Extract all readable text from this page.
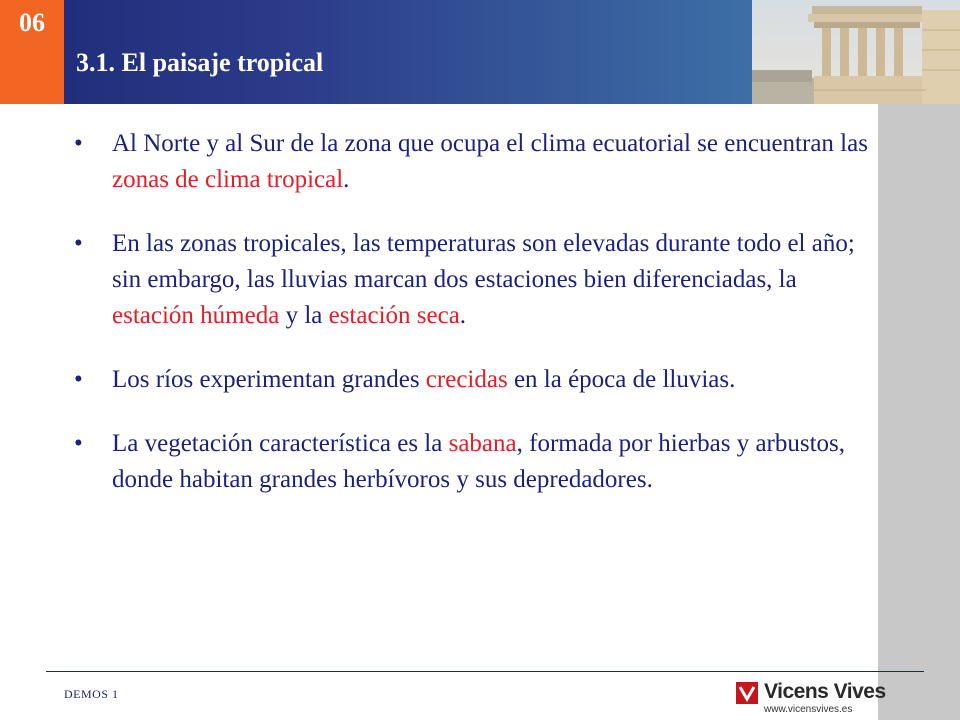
06
3.1. El paisaje tropical
• Al Norte y al Sur de la zona que ocupa el clima ecuatorial se encuentran las zonas de clima tropical.
• En las zonas tropicales, las temperaturas son elevadas durante todo el año; sin embargo, las lluvias marcan dos estaciones bien diferenciadas, la estación húmeda y la estación seca.
• Los ríos experimentan grandes crecidas en la época de lluvias.
• La vegetación característica es la sabana, formada por hierbas y arbustos, donde habitan grandes herbívoros y sus depredadores.
DEMOS 1	Vicens Vives
www.vicensvives.es
